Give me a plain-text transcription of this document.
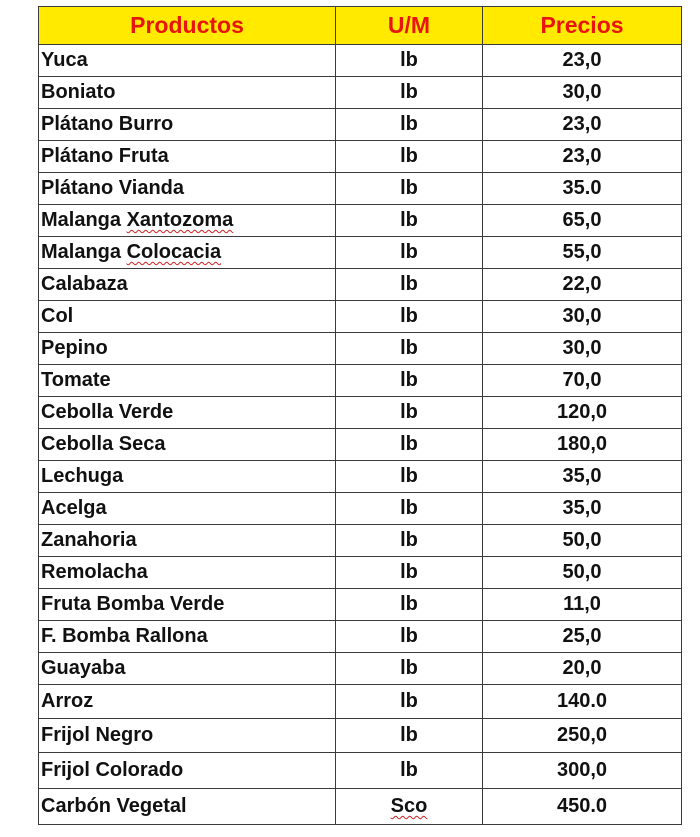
Productos	U/M	Precios
Yuca	lb	23,0
Boniato	lb	30,0
Plátano Burro	lb	23,0
Plátano Fruta	lb	23,0
Plátano Vianda	lb	35.0
Malanga Xantozoma	lb	65,0
Malanga Colocacia	lb	55,0
Calabaza	lb	22,0
Col	lb	30,0
Pepino	lb	30,0
Tomate	lb	70,0
Cebolla Verde	lb	120,0
Cebolla Seca	lb	180,0
Lechuga	lb	35,0
Acelga	lb	35,0
Zanahoria	lb	50,0
Remolacha	lb	50,0
Fruta Bomba Verde	lb	11,0
F. Bomba Rallona	lb	25,0
Guayaba	lb	20,0
Arroz	lb	140.0
Frijol Negro	lb	250,0
Frijol Colorado	lb	300,0
Carbón Vegetal	Sco	450.0
